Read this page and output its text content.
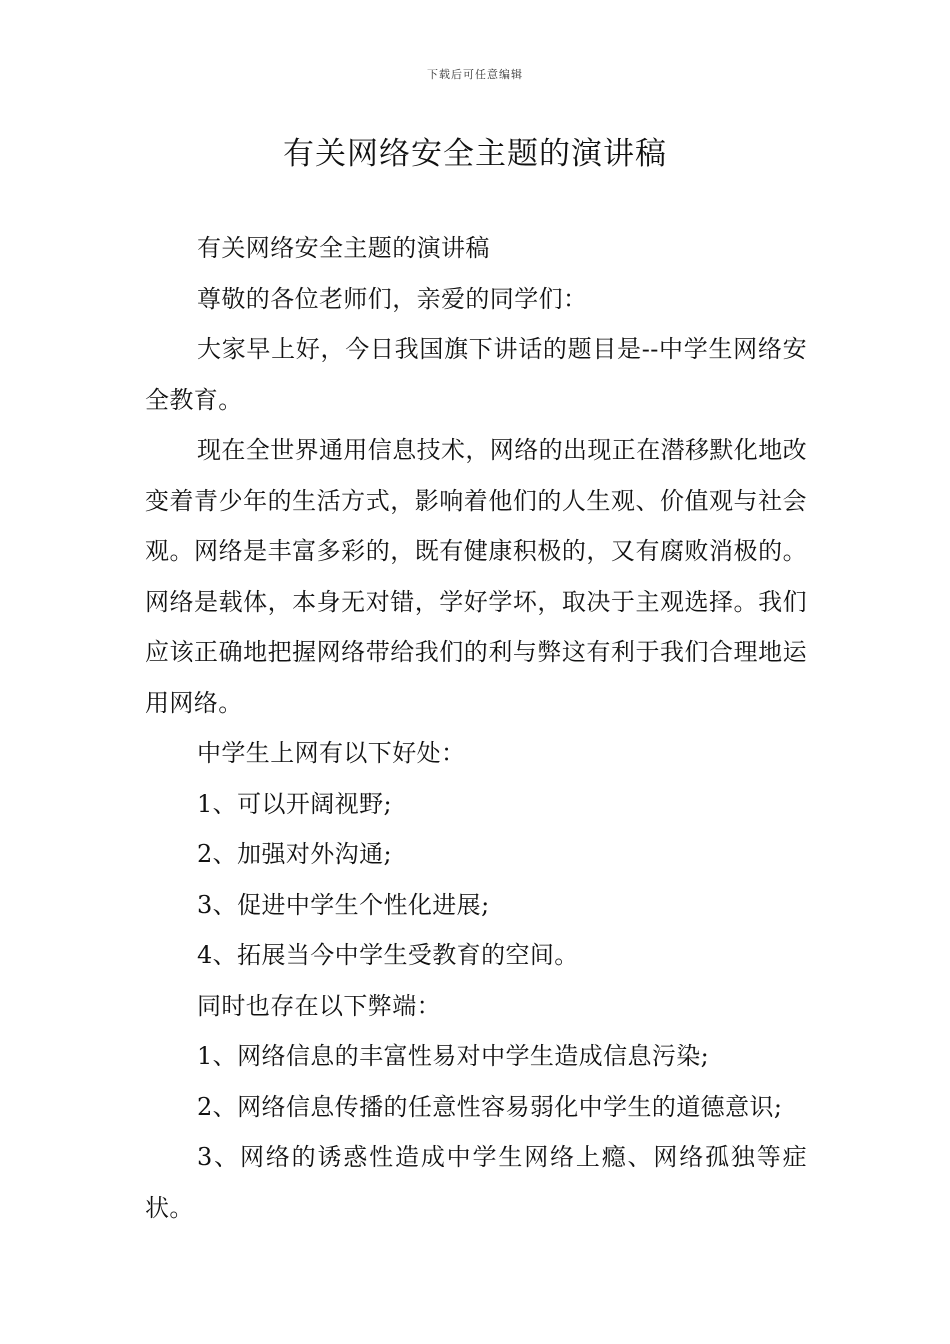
下载后可任意编辑
有关网络安全主题的演讲稿

有关网络安全主题的演讲稿

尊敬的各位老师们，亲爱的同学们：

大家早上好，今日我国旗下讲话的题目是--中学生网络安全教育。

现在全世界通用信息技术，网络的出现正在潜移默化地改变着青少年的生活方式，影响着他们的人生观、价值观与社会观。网络是丰富多彩的，既有健康积极的，又有腐败消极的。网络是载体，本身无对错，学好学坏，取决于主观选择。我们应该正确地把握网络带给我们的利与弊这有利于我们合理地运用网络。

中学生上网有以下好处：

1、可以开阔视野;

2、加强对外沟通;

3、促进中学生个性化进展;

4、拓展当今中学生受教育的空间。

同时也存在以下弊端：

1、网络信息的丰富性易对中学生造成信息污染;

2、网络信息传播的任意性容易弱化中学生的道德意识;

3、网络的诱惑性造成中学生网络上瘾、网络孤独等症状。
